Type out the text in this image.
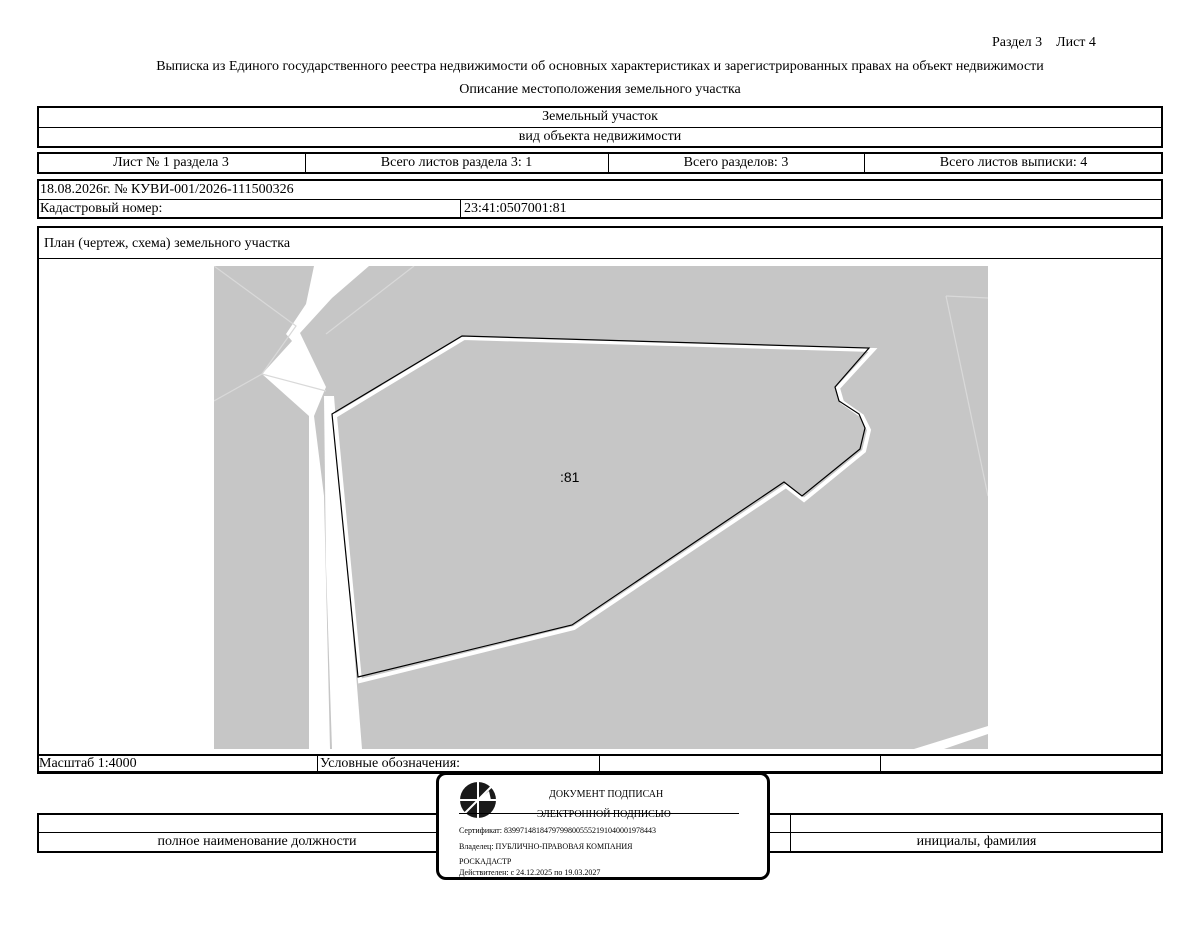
Раздел 3    Лист 4
Выписка из Единого государственного реестра недвижимости об основных характеристиках и зарегистрированных правах на объект недвижимости
Описание местоположения земельного участка
Земельный участок
вид объекта недвижимости
Лист № 1 раздела 3	Всего листов раздела 3: 1	Всего разделов: 3	Всего листов выписки: 4
18.08.2026г. № КУВИ-001/2026-111500326
Кадастровый номер:	23:41:0507001:81
План (чертеж, схема) земельного участка
:81
Масштаб 1:4000	Условные обозначения:
полное наименование должности	инициалы, фамилия
ДОКУМЕНТ ПОДПИСАН
ЭЛЕКТРОННОЙ ПОДПИСЬЮ
Сертификат: 83997148184797998005552191040001978443
Владелец: ПУБЛИЧНО-ПРАВОВАЯ КОМПАНИЯ
РОСКАДАСТР
Действителен: с 24.12.2025 по 19.03.2027
